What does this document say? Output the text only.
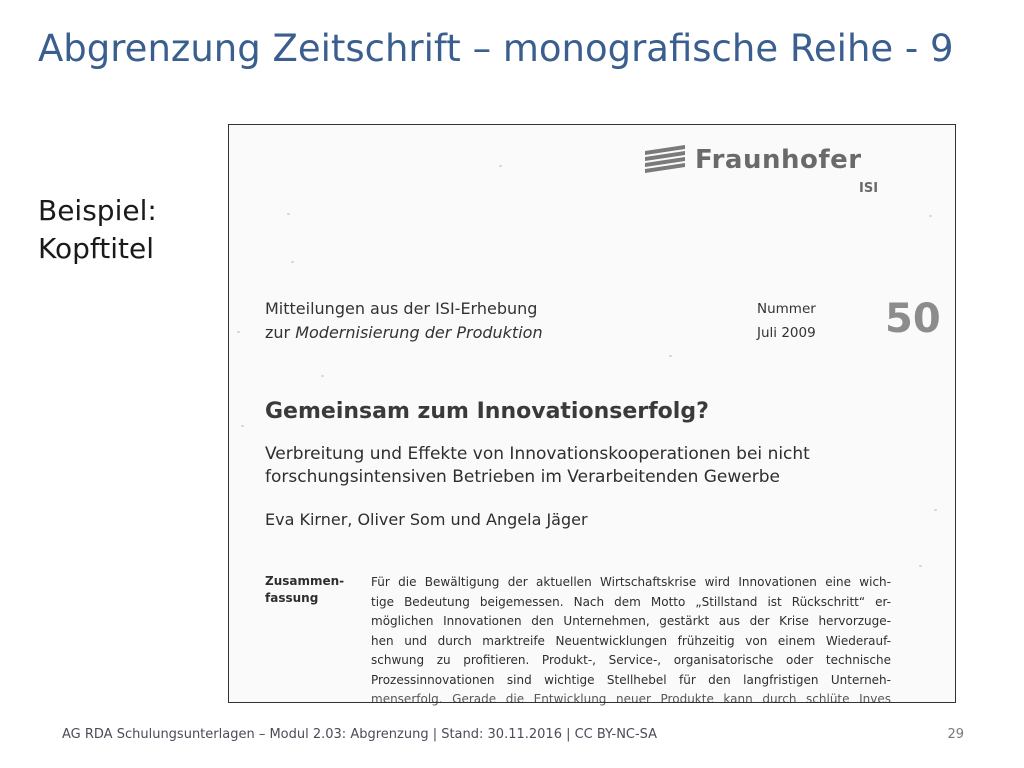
Abgrenzung Zeitschrift – monografische Reihe - 9
Beispiel:
Kopftitel
Fraunhofer
ISI
Mitteilungen aus der ISI-Erhebung
zur Modernisierung der Produktion
Nummer
Juli 2009 50
Gemeinsam zum Innovationserfolg?
Verbreitung und Effekte von Innovationskooperationen bei nicht
forschungsintensiven Betrieben im Verarbeitenden Gewerbe
Eva Kirner, Oliver Som und Angela Jäger
Zusammen-
fassung
Für die Bewältigung der aktuellen Wirtschaftskrise wird Innovationen eine wich-
tige Bedeutung beigemessen. Nach dem Motto „Stillstand ist Rückschritt“ er-
möglichen Innovationen den Unternehmen, gestärkt aus der Krise hervorzuge-
hen und durch marktreife Neuentwicklungen frühzeitig von einem Wiederauf-
schwung zu profitieren. Produkt-, Service-, organisatorische oder technische
Prozessinnovationen sind wichtige Stellhebel für den langfristigen Unterneh-
menserfolg. Gerade die Entwicklung neuer Produkte kann durch schlüte Inves
AG RDA Schulungsunterlagen – Modul 2.03: Abgrenzung | Stand: 30.11.2016 | CC BY-NC-SA	29
